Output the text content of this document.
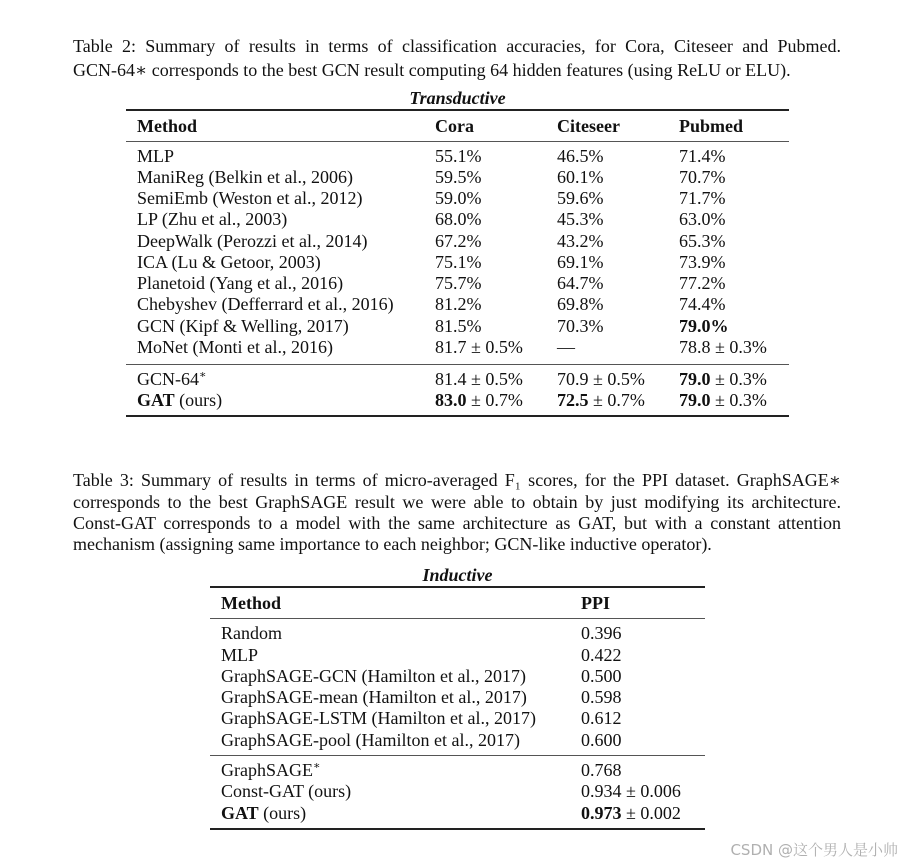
Table 2: Summary of results in terms of classification accuracies, for Cora, Citeseer and Pubmed.
GCN-64∗ corresponds to the best GCN result computing 64 hidden features (using ReLU or ELU).
Transductive
Method	Cora	Citeseer	Pubmed
MLP	55.1%	46.5%	71.4%
ManiReg (Belkin et al., 2006)	59.5%	60.1%	70.7%
SemiEmb (Weston et al., 2012)	59.0%	59.6%	71.7%
LP (Zhu et al., 2003)	68.0%	45.3%	63.0%
DeepWalk (Perozzi et al., 2014)	67.2%	43.2%	65.3%
ICA (Lu & Getoor, 2003)	75.1%	69.1%	73.9%
Planetoid (Yang et al., 2016)	75.7%	64.7%	77.2%
Chebyshev (Defferrard et al., 2016) 81.2%	69.8%	74.4%
GCN (Kipf & Welling, 2017)	81.5%	70.3%	79.0%
MoNet (Monti et al., 2016)	81.7 ± 0.5% —	78.8 ± 0.3%
GCN-64∗	81.4 ± 0.5% 70.9 ± 0.5% 79.0 ± 0.3%
GAT (ours)	83.0 ± 0.7% 72.5 ± 0.7% 79.0 ± 0.3%
Table 3: Summary of results in terms of micro-averaged F₁ scores, for the PPI dataset. GraphSAGE∗
corresponds to the best GraphSAGE result we were able to obtain by just modifying its architecture.
Const-GAT corresponds to a model with the same architecture as GAT, but with a constant attention
mechanism (assigning same importance to each neighbor; GCN-like inductive operator).
Inductive
Method	PPI
Random	0.396
MLP	0.422
GraphSAGE-GCN (Hamilton et al., 2017)	0.500
GraphSAGE-mean (Hamilton et al., 2017)	0.598
GraphSAGE-LSTM (Hamilton et al., 2017)	0.612
GraphSAGE-pool (Hamilton et al., 2017)	0.600
GraphSAGE∗	0.768
Const-GAT (ours)	0.934 ± 0.006
GAT (ours)	0.973 ± 0.002
CSDN @这个男人是小帅
